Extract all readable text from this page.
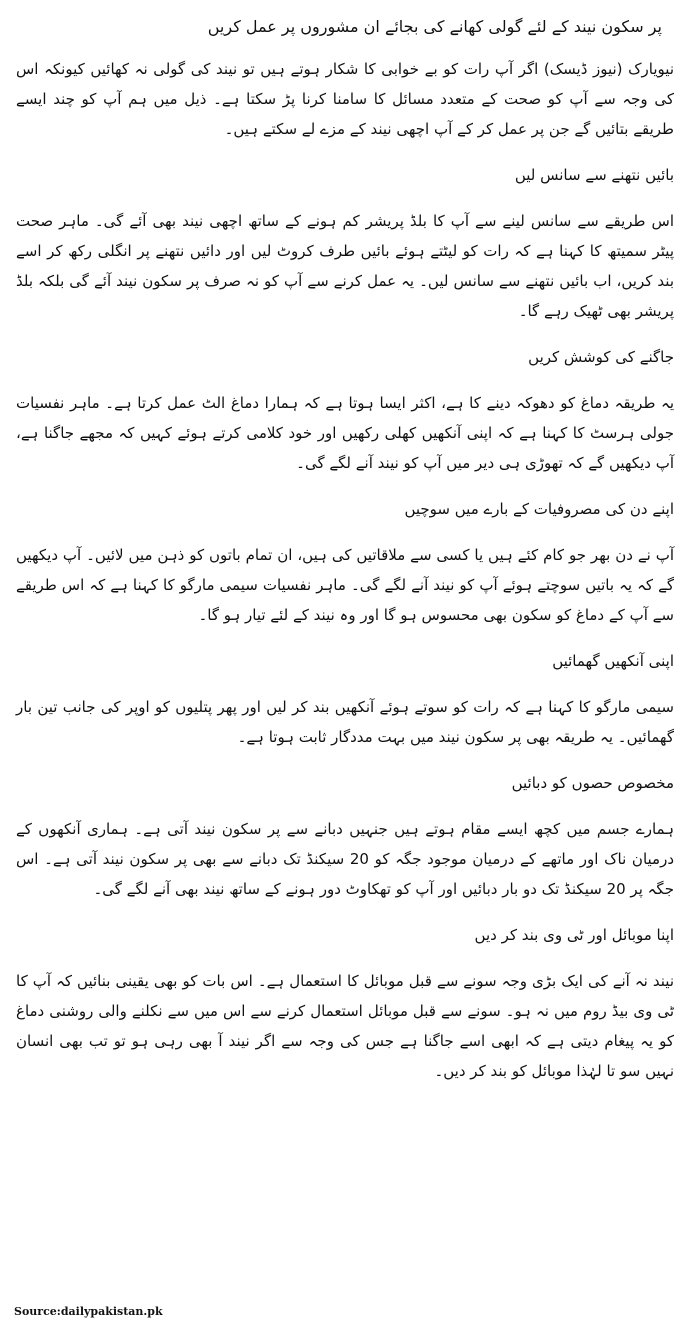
پر سکون نیند کے لئے گولی کھانے کی بجائے ان مشوروں پر عمل کریں

نیویارک (نیوز ڈیسک) اگر آپ رات کو بے خوابی کا شکار ہوتے ہیں تو نیند کی گولی نہ کھائیں کیونکہ اس کی وجہ سے آپ کو صحت کے متعدد مسائل کا سامنا کرنا پڑ سکتا ہے۔ ذیل میں ہم آپ کو چند ایسے طریقے بتائیں گے جن پر عمل کر کے آپ اچھی نیند کے مزے لے سکتے ہیں۔

بائیں نتھنے سے سانس لیں

اس طریقے سے سانس لینے سے آپ کا بلڈ پریشر کم ہونے کے ساتھ اچھی نیند بھی آئے گی۔ ماہر صحت پیٹر سمیتھ کا کہنا ہے کہ رات کو لیٹتے ہوئے بائیں طرف کروٹ لیں اور دائیں نتھنے پر انگلی رکھ کر اسے بند کریں، اب بائیں نتھنے سے سانس لیں۔ یہ عمل کرنے سے آپ کو نہ صرف پر سکون نیند آئے گی بلکہ بلڈ پریشر بھی ٹھیک رہے گا۔

جاگنے کی کوشش کریں

یہ طریقہ دماغ کو دھوکہ دینے کا ہے، اکثر ایسا ہوتا ہے کہ ہمارا دماغ الٹ عمل کرتا ہے۔ ماہر نفسیات جولی ہرسٹ کا کہنا ہے کہ اپنی آنکھیں کھلی رکھیں اور خود کلامی کرتے ہوئے کہیں کہ مجھے جاگنا ہے، آپ دیکھیں گے کہ تھوڑی ہی دیر میں آپ کو نیند آنے لگے گی۔

اپنے دن کی مصروفیات کے بارے میں سوچیں

آپ نے دن بھر جو کام کئے ہیں یا کسی سے ملاقاتیں کی ہیں، ان تمام باتوں کو ذہن میں لائیں۔ آپ دیکھیں گے کہ یہ باتیں سوچتے ہوئے آپ کو نیند آنے لگے گی۔ ماہر نفسیات سیمی مارگو کا کہنا ہے کہ اس طریقے سے آپ کے دماغ کو سکون بھی محسوس ہو گا اور وہ نیند کے لئے تیار ہو گا۔

اپنی آنکھیں گھمائیں

سیمی مارگو کا کہنا ہے کہ رات کو سوتے ہوئے آنکھیں بند کر لیں اور پھر پتلیوں کو اوپر کی جانب تین بار گھمائیں۔ یہ طریقہ بھی پر سکون نیند میں بہت مددگار ثابت ہوتا ہے۔

مخصوص حصوں کو دبائیں

ہمارے جسم میں کچھ ایسے مقام ہوتے ہیں جنہیں دبانے سے پر سکون نیند آتی ہے۔ ہماری آنکھوں کے درمیان ناک اور ماتھے کے درمیان موجود جگہ کو 20 سیکنڈ تک دبانے سے بھی پر سکون نیند آتی ہے۔ اس جگہ پر 20 سیکنڈ تک دو بار دبائیں اور آپ کو تھکاوٹ دور ہونے کے ساتھ نیند بھی آنے لگے گی۔

اپنا موبائل اور ٹی وی بند کر دیں

نیند نہ آنے کی ایک بڑی وجہ سونے سے قبل موبائل کا استعمال ہے۔ اس بات کو بھی یقینی بنائیں کہ آپ کا ٹی وی بیڈ روم میں نہ ہو۔ سونے سے قبل موبائل استعمال کرنے سے اس میں سے نکلنے والی روشنی دماغ کو یہ پیغام دیتی ہے کہ ابھی اسے جاگنا ہے جس کی وجہ سے اگر نیند آ بھی رہی ہو تو تب بھی انسان نہیں سو تا لہٰذا موبائل کو بند کر دیں۔

Source:dailypakistan.pk
